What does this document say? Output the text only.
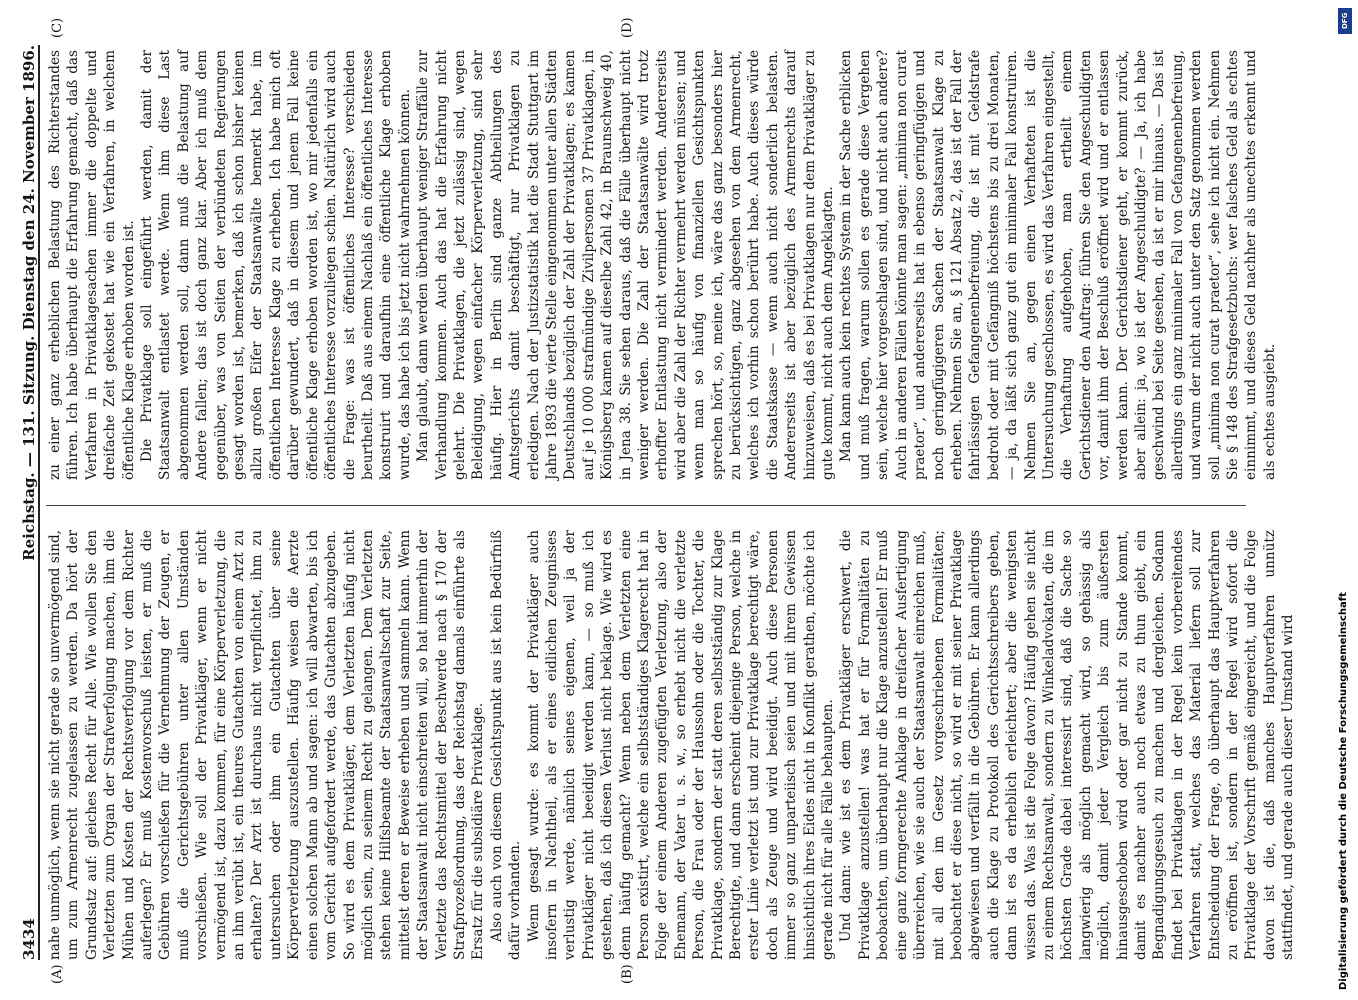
3434
Reichstag. — 131. Sitzung. Dienstag den 24. November 1896.
(A)	(B)
(C)	(D)

nahe unmöglich, wenn sie nicht gerade so unvermögend sind, um zum Armenrecht zugelassen zu werden. Da hört der Grundsatz auf: gleiches Recht für Alle. Wie wollen Sie den Verletzten zum Organ der Strafverfolgung machen, ihm die Mühen und Kosten der Rechtsverfolgung vor dem Richter auferlegen? Er muß Kostenvorschuß leisten, er muß die Gebühren vorschießen für die Vernehmung der Zeugen, er muß die Gerichtsgebühren unter allen Umständen vorschießen. Wie soll der Privatkläger, wenn er nicht vermögend ist, dazu kommen, für eine Körperverletzung, die an ihm verübt ist, ein theures Gutachten von einem Arzt zu erhalten? Der Arzt ist durchaus nicht verpflichtet, ihm zu untersuchen oder ihm ein Gutachten über seine Körperverletzung auszustellen. Häufig weisen die Aerzte einen solchen Mann ab und sagen: ich will abwarten, bis ich vom Gericht aufgefordert werde, das Gutachten abzugeben. So wird es dem Privatkläger, dem Verletzten häufig nicht möglich sein, zu seinem Recht zu gelangen. Dem Verletzten stehen keine Hilfsbeamte der Staatsanwaltschaft zur Seite, mittelst deren er Beweise erheben und sammeln kann. Wenn der Staatsanwalt nicht einschreiten will, so hat immerhin der Verletzte das Rechtsmittel der Beschwerde nach § 170 der Strafprozeßordnung, das der Reichstag damals einführte als Ersatz für die subsidiäre Privatklage. Also auch von diesem Gesichtspunkt aus ist kein Bedürfniß dafür vorhanden. Wenn gesagt wurde: es kommt der Privatkläger auch insofern in Nachtheil, als er eines eidlichen Zeugnisses verlustig werde, nämlich seines eigenen, weil ja der Privatkläger nicht beeidigt werden kann, — so muß ich gestehen, daß ich diesen Verlust nicht beklage. Wie wird es denn häufig gemacht? Wenn neben dem Verletzten eine Person existirt, welche ein selbstständiges Klagerecht hat in Folge der einem Anderen zugefügten Verletzung, also der Ehemann, der Vater u. s. w., so erhebt nicht die verletzte Person, die Frau oder der Haussohn oder die Tochter, die Privatklage, sondern der statt deren selbstständig zur Klage Berechtigte, und dann erscheint diejenige Person, welche in erster Linie verletzt ist und zur Privatklage berechtigt wäre, doch als Zeuge und wird beeidigt. Auch diese Personen immer so ganz unparteiisch seien und mit ihrem Gewissen hinsichtlich ihres Eides nicht in Konflikt gerathen, möchte ich gerade nicht für alle Fälle behaupten. Und dann: wie ist es dem Privatkläger erschwert, die Privatklage anzustellen! was hat er für Formalitäten zu beobachten, um überhaupt nur die Klage anzustellen! Er muß eine ganz formgerechte Anklage in dreifacher Ausfertigung überreichen, wie sie auch der Staatsanwalt einreichen muß, mit all den im Gesetz vorgeschriebenen Formalitäten; beobachtet er diese nicht, so wird er mit seiner Privatklage abgewiesen und verfällt in die Gebühren. Er kann allerdings auch die Klage zu Protokoll des Gerichtsschreibers geben, dann ist es da erheblich erleichtert; aber die wenigsten wissen das. Was ist die Folge davon? Häufig gehen sie nicht zu einem Rechtsanwalt, sondern zu Winkeladvokaten, die im höchsten Grade dabei interessirt sind, daß die Sache so langwierig als möglich gemacht wird, so gehässig als möglich, damit jeder Vergleich bis zum äußersten hinausgeschoben wird oder gar nicht zu Stande kommt, damit es nachher auch noch etwas zu thun giebt, ein Begnadigungsgesuch zu machen und dergleichen. Sodann findet bei Privatklagen in der Regel kein vorbereitendes Verfahren statt, welches das Material liefern soll zur Entscheidung der Frage, ob überhaupt das Hauptverfahren zu eröffnen ist, sondern in der Regel wird sofort die Privatklage der Vorschrift gemäß eingereicht, und die Folge davon ist die, daß manches Hauptverfahren unnütz stattfindet, und gerade auch dieser Umstand wird

zu einer ganz erheblichen Belastung des Richterstandes führen. Ich habe überhaupt die Erfahrung gemacht, daß das Verfahren in Privatklagesachen immer die doppelte und dreifache Zeit gekostet hat wie ein Verfahren, in welchem öffentliche Klage erhoben worden ist. Die Privatklage soll eingeführt werden, damit der Staatsanwalt entlastet werde. Wenn ihm diese Last abgenommen werden soll, dann muß die Belastung auf Andere fallen; das ist doch ganz klar. Aber ich muß dem gegenüber, was von Seiten der verbündeten Regierungen gesagt worden ist, bemerken, daß ich schon bisher keinen allzu großen Eifer der Staatsanwälte bemerkt habe, im öffentlichen Interesse Klage zu erheben. Ich habe mich oft darüber gewundert, daß in diesem und jenem Fall keine öffentliche Klage erhoben worden ist, wo mir jedenfalls ein öffentliches Interesse vorzuliegen schien. Natürlich wird auch die Frage: was ist öffentliches Interesse? verschieden beurtheilt. Daß aus einem Nachlaß ein öffentliches Interesse konstruirt und daraufhin eine öffentliche Klage erhoben wurde, das habe ich bis jetzt nicht wahrnehmen können. Man glaubt, dann werden überhaupt weniger Straffälle zur Verhandlung kommen. Auch das hat die Erfahrung nicht gelehrt. Die Privatklagen, die jetzt zulässig sind, wegen Beleidigung, wegen einfacher Körperverletzung, sind sehr häufig. Hier in Berlin sind ganze Abtheilungen des Amtsgerichts damit beschäftigt, nur Privatklagen zu erledigen. Nach der Justizstatistik hat die Stadt Stuttgart im Jahre 1893 die vierte Stelle eingenommen unter allen Städten Deutschlands bezüglich der Zahl der Privatklagen; es kamen auf je 10 000 strafmündige Zivilpersonen 37 Privatklagen, in Königsberg kamen auf dieselbe Zahl 42, in Braunschweig 40, in Jena 38. Sie sehen daraus, daß die Fälle überhaupt nicht weniger werden. Die Zahl der Staatsanwälte wird trotz erhoffter Entlastung nicht vermindert werden. Andererseits wird aber die Zahl der Richter vermehrt werden müssen; und wenn man so häufig von finanziellen Gesichtspunkten sprechen hört, so, meine ich, wäre das ganz besonders hier zu berücksichtigen, ganz abgesehen von dem Armenrecht, welches ich vorhin schon berührt habe. Auch dieses würde die Staatskasse — wenn auch nicht sonderlich belasten. Andererseits ist aber bezüglich des Armenrechts darauf hinzuweisen, daß es bei Privatklagen nur dem Privatkläger zu gute kommt, nicht auch dem Angeklagten. Man kann auch kein rechtes System in der Sache erblicken und muß fragen, warum sollen es gerade diese Vergehen sein, welche hier vorgeschlagen sind, und nicht auch andere? Auch in anderen Fällen könnte man sagen: „minima non curat praetor“, und andererseits hat in ebenso geringfügigen und noch geringfügigeren Sachen der Staatsanwalt Klage zu erheben. Nehmen Sie an, § 121 Absatz 2, das ist der Fall der fahrlässigen Gefangenenbefreiung, die ist mit Geldstrafe bedroht oder mit Gefängniß höchstens bis zu drei Monaten, — ja, da läßt sich ganz gut ein minimaler Fall konstruiren. Nehmen Sie an, gegen einen Verhafteten ist die Untersuchung geschlossen, es wird das Verfahren eingestellt, die Verhaftung aufgehoben, man ertheilt einem Gerichtsdiener den Auftrag: führen Sie den Angeschuldigten vor, damit ihm der Beschluß eröffnet wird und er entlassen werden kann. Der Gerichtsdiener geht, er kommt zurück, aber allein: ja, wo ist der Angeschuldigte? — Ja, ich habe geschwind bei Seite gesehen, da ist er mir hinaus. — Das ist allerdings ein ganz minimaler Fall von Gefangenenbefreiung, und warum der nicht auch unter den Satz genommen werden soll „minima non curat praetor“, sehe ich nicht ein. Nehmen Sie § 148 des Strafgesetzbuchs: wer falsches Geld als echtes einnimmt, und dieses Geld nachher als unechtes erkennt und als echtes ausgiebt.

DFG
Digitalisierung gefördert durch die Deutsche Forschungsgemeinschaft
